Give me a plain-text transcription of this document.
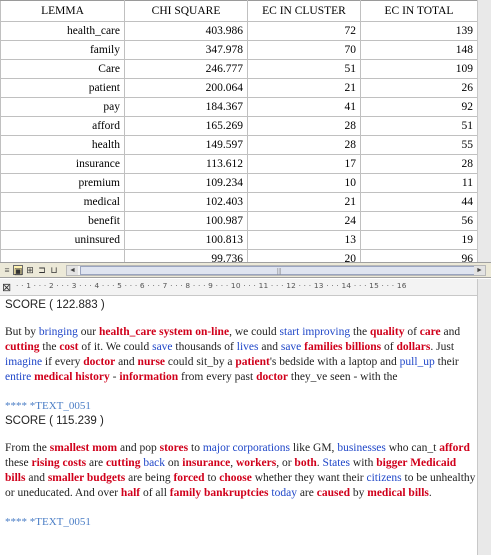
LEMMA	CHI SQUARE	EC IN CLUSTER	EC IN TOTAL
health_care	403.986	72	139
family	347.978	70	148
Care	246.777	51	109
patient	200.064	21	26
pay	184.367	41	92
afford	165.269	28	51
health	149.597	28	55
insurance	113.612	17	28
premium	109.234	10	11
medical	102.403	21	44
benefit	100.987	24	56
uninsured	100.813	13	19
	99.736	20	96
≡ ▣ ⊞ ⊐ ⊔ ◄	|||	►
⊠ · · 1 · · · 2 · · · 3 · · · 4 · · · 5 · · · 6 · · · 7 · · · 8 · · · 9 · · · 10 · · · 11 · · · 12 · · · 13 · · · 14 · · · 15 · · · 16
SCORE ( 122.883 )
But by bringing our health_care system on-line, we could start improving the quality of care and cutting the cost of it. We could save thousands of lives and save families billions of dollars. Just imagine if every doctor and nurse could sit_by a patient's bedside with a laptop and pull_up their entire medical history - information from every past doctor they_ve seen - with the
**** *TEXT_0051
SCORE ( 115.239 )
From the smallest mom and pop stores to major corporations like GM, businesses who can_t afford these rising costs are cutting back on insurance, workers, or both. States with bigger Medicaid bills and smaller budgets are being forced to choose whether they want their citizens to be unhealthy or uneducated. And over half of all family bankruptcies today are caused by medical bills.
**** *TEXT_0051
